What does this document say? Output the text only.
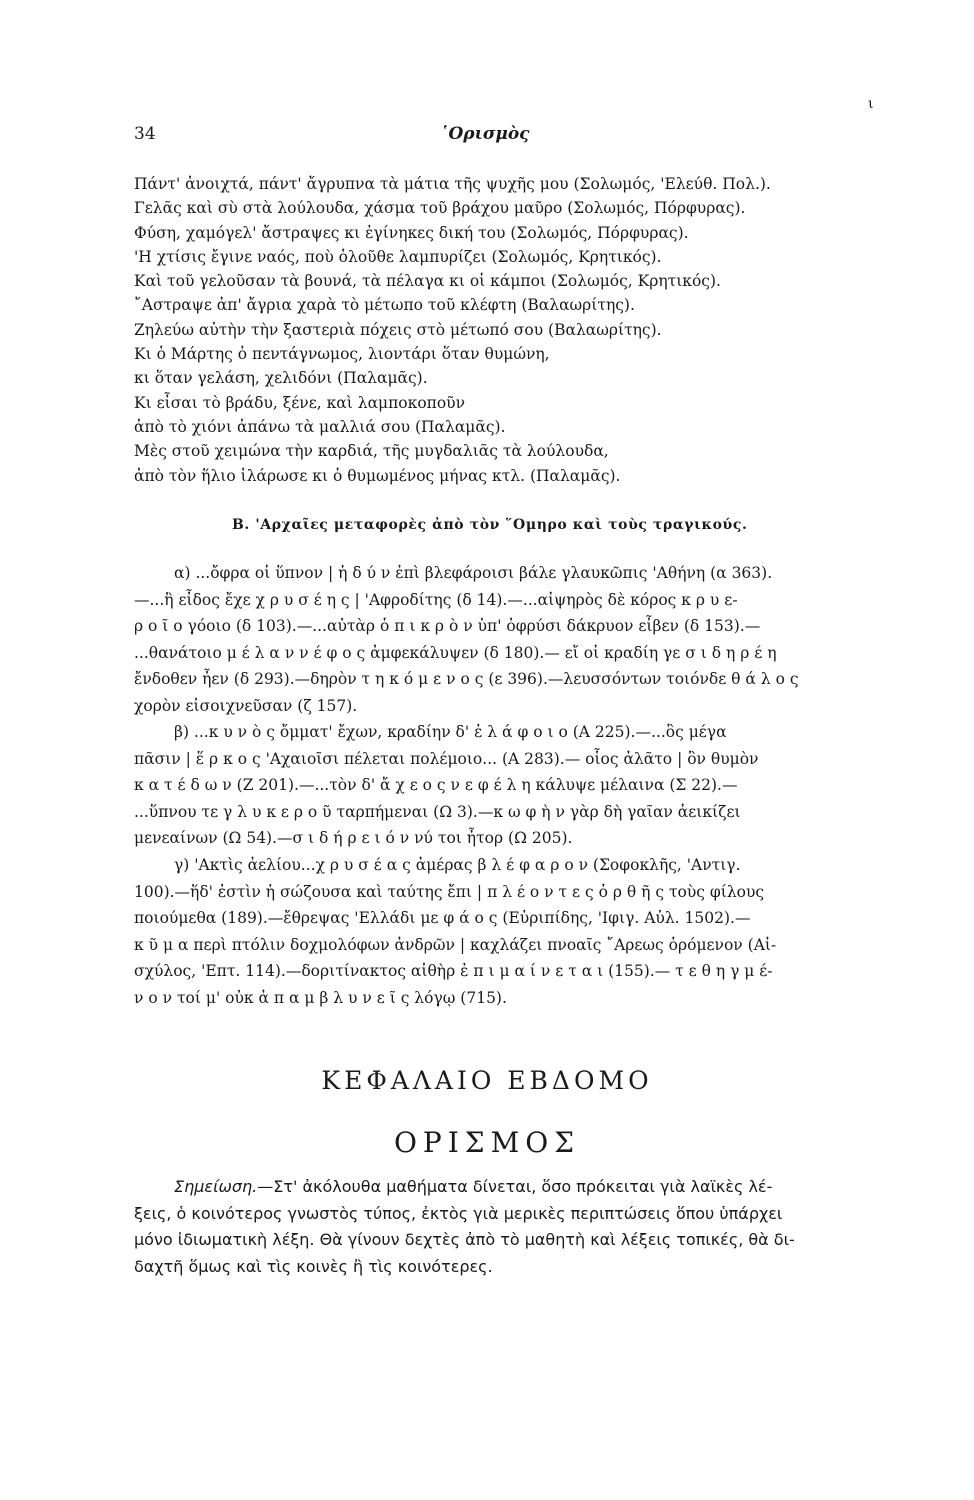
34	῾Ορισμὸς
ι
Πάντ' ἀνοιχτά, πάντ' ἄγρυπνα τὰ μάτια τῆς ψυχῆς μου (Σολωμός, 'Ελεύθ. Πολ.).
Γελᾶς καὶ σὺ στὰ λούλουδα, χάσμα τοῦ βράχου μαῦρο (Σολωμός, Πόρφυρας).
Φύση, χαμόγελ' ἄστραψες κι ἐγίνηκες δική του (Σολωμός, Πόρφυρας).
'Η χτίσις ἔγινε ναός, ποὺ ὁλοῦθε λαμπυρίζει (Σολωμός, Κρητικός).
Καὶ τοῦ γελοῦσαν τὰ βουνά, τὰ πέλαγα κι οἱ κάμποι (Σολωμός, Κρητικός).
῎Αστραψε ἀπ' ἄγρια χαρὰ τὸ μέτωπο τοῦ κλέφτη (Βαλαωρίτης).
Ζηλεύω αὐτὴν τὴν ξαστεριὰ πόχεις στὸ μέτωπό σου (Βαλαωρίτης).
Κι ὁ Μάρτης ὁ πεντάγνωμος, λιοντάρι ὅταν θυμώνη,
κι ὅταν γελάση, χελιδόνι (Παλαμᾶς).
Κι εἶσαι τὸ βράδυ, ξένε, καὶ λαμποκοποῦν
ἀπὸ τὸ χιόνι ἀπάνω τὰ μαλλιά σου (Παλαμᾶς).
Μὲς στοῦ χειμώνα τὴν καρδιά, τῆς μυγδαλιᾶς τὰ λούλουδα,
ἀπὸ τὸν ἥλιο ἱλάρωσε κι ὁ θυμωμένος μήνας κτλ. (Παλαμᾶς).
Β. 'Αρχαῖες μεταφορὲς ἀπὸ τὸν ῞Ομηρο καὶ τοὺς τραγικούς.
α) ...ὄφρα οἱ ὕπνον | ἡ δ ύ ν ἐπὶ βλεφάροισι βάλε γλαυκῶπις 'Αθήνη (α 363).
—...ἣ εἶδος ἔχε χ ρ υ σ έ η ς | 'Αφροδίτης (δ 14).—...αἰψηρὸς δὲ κόρος κ ρ υ ε-
ρ ο ῖ ο γόοιο (δ 103).—...αὐτὰρ ὁ π ι κ ρ ὸ ν ὑπ' ὀφρύσι δάκρυον εἶβεν (δ 153).—
...θανάτοιο μ έ λ α ν ν έ φ ο ς ἀμφεκάλυψεν (δ 180).— εἴ οἱ κραδίη γε σ ι δ η ρ έ η
ἔνδοθεν ἦεν (δ 293).—δηρὸν τ η κ ό μ ε ν ο ς (ε 396).—λευσσόντων τοιόνδε θ ά λ ο ς
χορὸν εἰσοιχνεῦσαν (ζ 157).
β) ...κ υ ν ὸ ς ὄμματ' ἔχων, κραδίην δ' ἐ λ ά φ ο ι ο (Α 225).—...ὃς μέγα
πᾶσιν | ἕ ρ κ ο ς 'Αχαιοῖσι πέλεται πολέμοιο... (Α 283).— οἷος ἀλᾶτο | ὃν θυμὸν
κ α τ έ δ ω ν (Ζ 201).—...τὸν δ' ἄ χ ε ο ς ν ε φ έ λ η κάλυψε μέλαινα (Σ 22).—
...ὕπνου τε γ λ υ κ ε ρ ο ῦ ταρπήμεναι (Ω 3).—κ ω φ ὴ ν γὰρ δὴ γαῖαν ἀεικίζει
μενεαίνων (Ω 54).—σ ι δ ή ρ ε ι ό ν νύ τοι ἦτορ (Ω 205).
γ) 'Ακτὶς ἀελίου...χ ρ υ σ έ α ς ἁμέρας β λ έ φ α ρ ο ν (Σοφοκλῆς, 'Αντιγ.
100).—ἥδ' ἐστὶν ἡ σώζουσα καὶ ταύτης ἔπι | π λ έ ο ν τ ε ς ὀ ρ θ ῆ ς τοὺς φίλους
ποιούμεθα (189).—ἔθρεψας 'Ελλάδι με φ ά ο ς (Εὐριπίδης, 'Ιφιγ. Αὐλ. 1502).—
κ ῦ μ α περὶ πτόλιν δοχμολόφων ἀνδρῶν | καχλάζει πνοαῖς ῎Αρεως ὀρόμενον (Αἰ-
σχύλος, 'Επτ. 114).—δοριτίνακτος αἰθὴρ ἐ π ι μ α ί ν ε τ α ι (155).— τ ε θ η γ μ έ-
ν ο ν τοί μ' οὐκ ἀ π α μ β λ υ ν ε ῖ ς λόγῳ (715).
ΚΕΦΑΛΑΙΟ ΕΒΔΟΜΟ
ΟΡΙΣΜΟΣ
Σημείωση.—Στ' ἀκόλουθα μαθήματα δίνεται, ὅσο πρόκειται γιὰ λαϊκὲς λέ-
ξεις, ὁ κοινότερος γνωστὸς τύπος, ἐκτὸς γιὰ μερικὲς περιπτώσεις ὅπου ὑπάρχει
μόνο ἰδιωματικὴ λέξη. Θὰ γίνουν δεχτὲς ἀπὸ τὸ μαθητὴ καὶ λέξεις τοπικές, θὰ δι-
δαχτῆ ὅμως καὶ τὶς κοινὲς ἢ τὶς κοινότερες.
